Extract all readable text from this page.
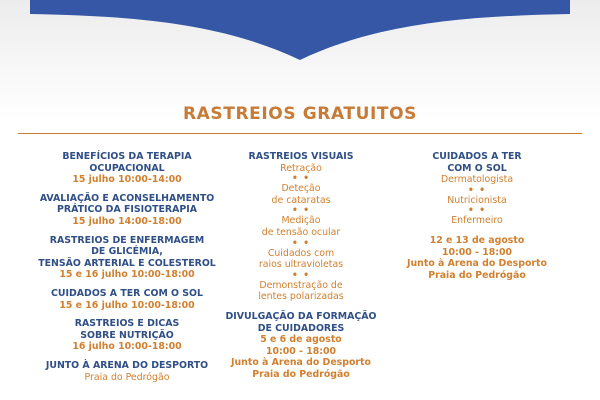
RASTREIOS GRATUITOS
BENEFÍCIOS DA TERAPIA
OCUPACIONAL
15 julho 10:00-14:00
AVALIAÇÃO E ACONSELHAMENTO
PRÁTICO DA FISIOTERAPIA
15 julho 14:00-18:00
RASTREIOS DE ENFERMAGEM
DE GLICÉMIA,
TENSÃO ARTERIAL E COLESTEROL
15 e 16 julho 10:00-18:00
CUIDADOS A TER COM O SOL
15 e 16 julho 10:00-18:00
RASTREIOS E DICAS
SOBRE NUTRIÇÃO
16 julho 10:00-18:00
JUNTO À ARENA DO DESPORTO
Praia do Pedrógão
RASTREIOS VISUAIS
Retração
• •
Deteção
de cataratas
• •
Medição
de tensão ocular
• •
Cuidados com
raios ultravioletas
• •
Demonstração de
lentes polarizadas
DIVULGAÇÃO DA FORMAÇÃO
DE CUIDADORES
5 e 6 de agosto
10:00 - 18:00
Junto à Arena do Desporto
Praia do Pedrógão
CUIDADOS A TER
COM O SOL
Dermatologista
• •
Nutricionista
• •
Enfermeiro
12 e 13 de agosto
10:00 - 18:00
Junto à Arena do Desporto
Praia do Pedrógão
